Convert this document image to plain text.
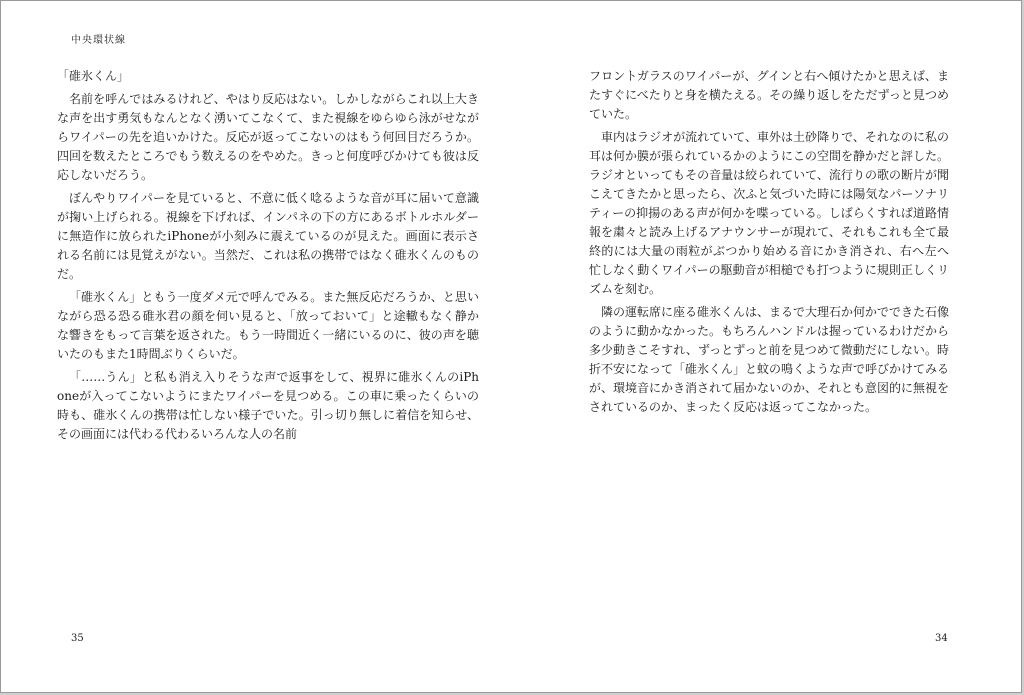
中央環状線

「碓氷くん」

名前を呼んではみるけれど、やはり反応はない。しかしながらこれ以上大きな声を出す勇気もなんとなく湧いてこなくて、また視線をゆらゆら泳がせながらワイパーの先を追いかけた。反応が返ってこないのはもう何回目だろうか。四回を数えたところでもう数えるのをやめた。きっと何度呼びかけても彼は反応しないだろう。

ぼんやりワイパーを見ていると、不意に低く唸るような音が耳に届いて意識が掬い上げられる。視線を下げれば、インパネの下の方にあるボトルホルダーに無造作に放られたiPhoneが小刻みに震えているのが見えた。画面に表示される名前には見覚えがない。当然だ、これは私の携帯ではなく碓氷くんのものだ。

「碓氷くん」ともう一度ダメ元で呼んでみる。また無反応だろうか、と思いながら恐る恐る碓氷君の顔を伺い見ると、「放っておいて」と途轍もなく静かな響きをもって言葉を返された。もう一時間近く一緒にいるのに、彼の声を聴いたのもまた1時間ぶりくらいだ。

「……うん」と私も消え入りそうな声で返事をして、視界に碓氷くんのiPhoneが入ってこないようにまたワイパーを見つめる。この車に乗ったくらいの時も、碓氷くんの携帯は忙しない様子でいた。引っ切り無しに着信を知らせ、その画面には代わる代わるいろんな人の名前

フロントガラスのワイパーが、グインと右へ傾けたかと思えば、またすぐにべたりと身を横たえる。その繰り返しをただずっと見つめていた。

車内はラジオが流れていて、車外は土砂降りで、それなのに私の耳は何か膜が張られているかのようにこの空間を静かだと評した。ラジオといってもその音量は絞られていて、流行りの歌の断片が聞こえてきたかと思ったら、次ふと気づいた時には陽気なパーソナリティーの抑揚のある声が何かを喋っている。しばらくすれば道路情報を粛々と読み上げるアナウンサーが現れて、それもこれも全て最終的には大量の雨粒がぶつかり始める音にかき消され、右へ左へ忙しなく動くワイパーの駆動音が相槌でも打つように規則正しくリズムを刻む。

隣の運転席に座る碓氷くんは、まるで大理石か何かでできた石像のように動かなかった。もちろんハンドルは握っているわけだから多少動きこそすれ、ずっとずっと前を見つめて微動だにしない。時折不安になって「碓氷くん」と蚊の鳴くような声で呼びかけてみるが、環境音にかき消されて届かないのか、それとも意図的に無視をされているのか、まったく反応は返ってこなかった。

35	34
